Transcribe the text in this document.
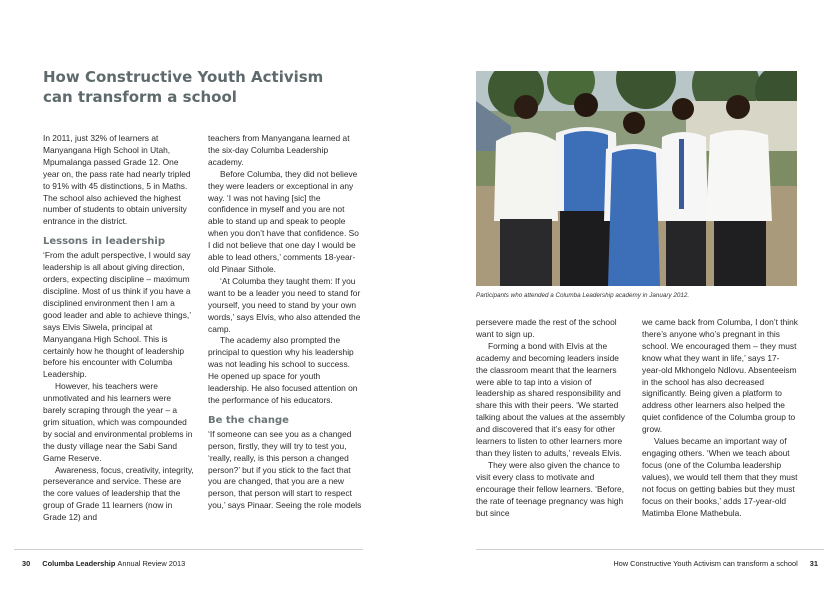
How Constructive Youth Activism
can transform a school

In 2011, just 32% of learners at Manyangana High School in Utah, Mpumalanga passed Grade 12. One year on, the pass rate had nearly tripled to 91% with 45 distinctions, 5 in Maths. The school also achieved the highest number of students to obtain university entrance in the district.

Lessons in leadership

‘From the adult perspective, I would say leadership is all about giving direction, orders, expecting discipline – maximum discipline. Most of us think if you have a disciplined environment then I am a good leader and able to achieve things,’ says Elvis Siwela, principal at Manyangana High School. This is certainly how he thought of leadership before his encounter with Columba Leadership.

However, his teachers were unmotivated and his learners were barely scraping through the year – a grim situation, which was compounded by social and environmental problems in the dusty village near the Sabi Sand Game Reserve.

Awareness, focus, creativity, integrity, perseverance and service. These are the core values of leadership that the group of Grade 11 learners (now in Grade 12) and

teachers from Manyangana learned at the six-day Columba Leadership academy.

Before Columba, they did not believe they were leaders or exceptional in any way. ‘I was not having [sic] the confidence in myself and you are not able to stand up and speak to people when you don’t have that confidence. So I did not believe that one day I would be able to lead others,’ comments 18-year-old Pinaar Sithole.

‘At Columba they taught them: If you want to be a leader you need to stand for yourself, you need to stand by your own words,’ says Elvis, who also attended the camp.

The academy also prompted the principal to question why his leadership was not leading his school to success. He opened up space for youth leadership. He also focused attention on the performance of his educators.

Be the change

‘If someone can see you as a changed person, firstly, they will try to test you, ‘really, really, is this person a changed person?’ but if you stick to the fact that you are changed, that you are a new person, that person will start to respect you,’ says Pinaar. Seeing the role models

30 Columba Leadership Annual Review 2013
Participants who attended a Columba Leadership academy in January 2012.

persevere made the rest of the school want to sign up.

Forming a bond with Elvis at the academy and becoming leaders inside the classroom meant that the learners were able to tap into a vision of leadership as shared responsibility and share this with their peers. ‘We started talking about the values at the assembly and discovered that it’s easy for other learners to listen to other learners more than they listen to adults,’ reveals Elvis.

They were also given the chance to visit every class to motivate and encourage their fellow learners. ‘Before, the rate of teenage pregnancy was high but since

we came back from Columba, I don’t think there’s anyone who’s pregnant in this school. We encouraged them – they must know what they want in life,’ says 17-year-old Mkhongelo Ndlovu. Absenteeism in the school has also decreased significantly. Being given a platform to address other learners also helped the quiet confidence of the Columba group to grow.

Values became an important way of engaging others. ‘When we teach about focus (one of the Columba leadership values), we would tell them that they must not focus on getting babies but they must focus on their books,’ adds 17-year-old Matimba Elone Mathebula.

How Constructive Youth Activism can transform a school 31
